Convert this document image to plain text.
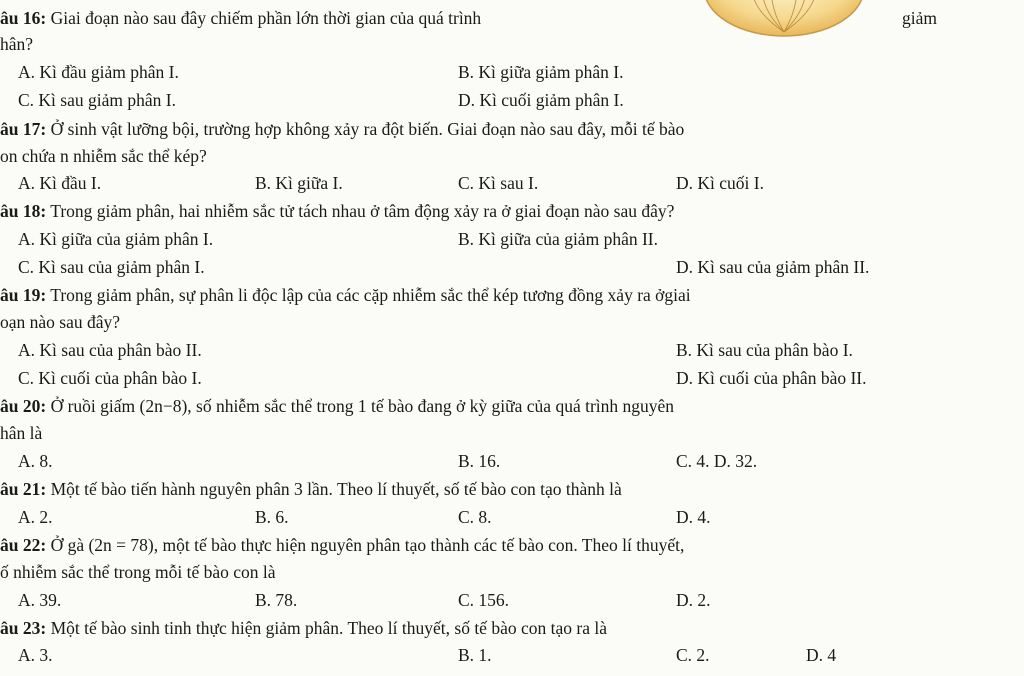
âu 16: Giai đoạn nào sau đây chiếm phần lớn thời gian của quá trình	giảm
hân?
A. Kì đầu giảm phân I.	B. Kì giữa giảm phân I.
C. Kì sau giảm phân I.	D. Kì cuối giảm phân I.
âu 17: Ở sinh vật lưỡng bội, trường hợp không xảy ra đột biến. Giai đoạn nào sau đây, mỗi tế bào
on chứa n nhiễm sắc thể kép?
A. Kì đầu I.	B. Kì giữa I.	C. Kì sau I.	D. Kì cuối I.
âu 18: Trong giảm phân, hai nhiễm sắc tử tách nhau ở tâm động xảy ra ở giai đoạn nào sau đây?
A. Kì giữa của giảm phân I.	B. Kì giữa của giảm phân II.
C. Kì sau của giảm phân I.	D. Kì sau của giảm phân II.
âu 19: Trong giảm phân, sự phân li độc lập của các cặp nhiễm sắc thể kép tương đồng xảy ra ởgiai
oạn nào sau đây?
A. Kì sau của phân bào II.	B. Kì sau của phân bào I.
C. Kì cuối của phân bào I.	D. Kì cuối của phân bào II.
âu 20: Ở ruồi giấm (2n−8), số nhiễm sắc thể trong 1 tế bào đang ở kỳ giữa của quá trình nguyên
hân là
A. 8.	B. 16.	C. 4. D. 32.
âu 21: Một tế bào tiến hành nguyên phân 3 lần. Theo lí thuyết, số tế bào con tạo thành là
A. 2.	B. 6.	C. 8.	D. 4.
âu 22: Ở gà (2n = 78), một tế bào thực hiện nguyên phân tạo thành các tế bào con. Theo lí thuyết,
ố nhiễm sắc thể trong mỗi tế bào con là
A. 39.	B. 78.	C. 156.	D. 2.
âu 23: Một tế bào sinh tinh thực hiện giảm phân. Theo lí thuyết, số tế bào con tạo ra là
A. 3.	B. 1.	C. 2.	D. 4
